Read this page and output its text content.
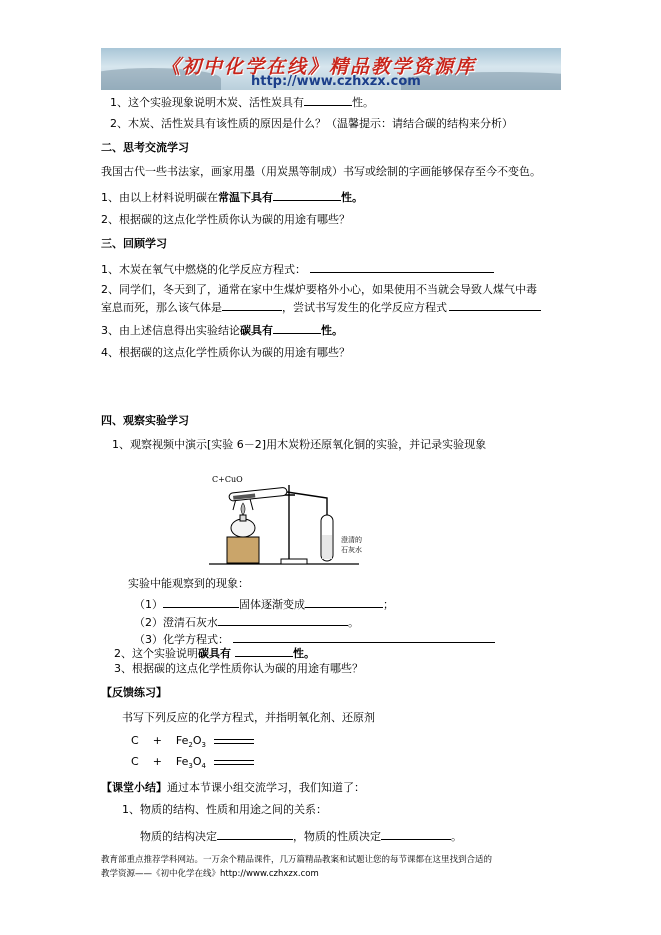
《初中化学在线》精品教学资源库
http://www.czhxzx.com
1、这个实验现象说明木炭、活性炭具有	性。
2、木炭、活性炭具有该性质的原因是什么？（温馨提示：请结合碳的结构来分析）
二、思考交流学习
我国古代一些书法家，画家用墨（用炭黑等制成）书写或绘制的字画能够保存至今不变色。
1、由以上材料说明碳在常温下具有	性。
2、根据碳的这点化学性质你认为碳的用途有哪些？
三、回顾学习
1、木炭在氧气中燃烧的化学反应方程式：
2、同学们，冬天到了，通常在家中生煤炉要格外小心，如果使用不当就会导致人煤气中毒
室息而死，那么该气体是	，尝试书写发生的化学反应方程式
3、由上述信息得出实验结论碳具有	性。
4、根据碳的这点化学性质你认为碳的用途有哪些？
四、观察实验学习
1、观察视频中演示[实验 6－2]用木炭粉还原氧化铜的实验，并记录实验现象
C+CuO
澄清的
石灰水
实验中能观察到的现象：
（1）	固体逐渐变成	；
（2）澄清石灰水	。
（3）化学方程式：
2、这个实验说明碳具有	性。
3、根据碳的这点化学性质你认为碳的用途有哪些？
【反馈练习】
书写下列反应的化学方程式，并指明氧化剂、还原剂
$C + Fe_2O_3$
$C + Fe_3O_4$
【课堂小结】通过本节课小组交流学习，我们知道了：
1、物质的结构、性质和用途之间的关系：
物质的结构决定	，物质的性质决定	。
教育部重点推荐学科网站。一万余个精品课件，几万篇精品教案和试题让您的每节课都在这里找到合适的
教学资源——《初中化学在线》http://www.czhxzx.com
